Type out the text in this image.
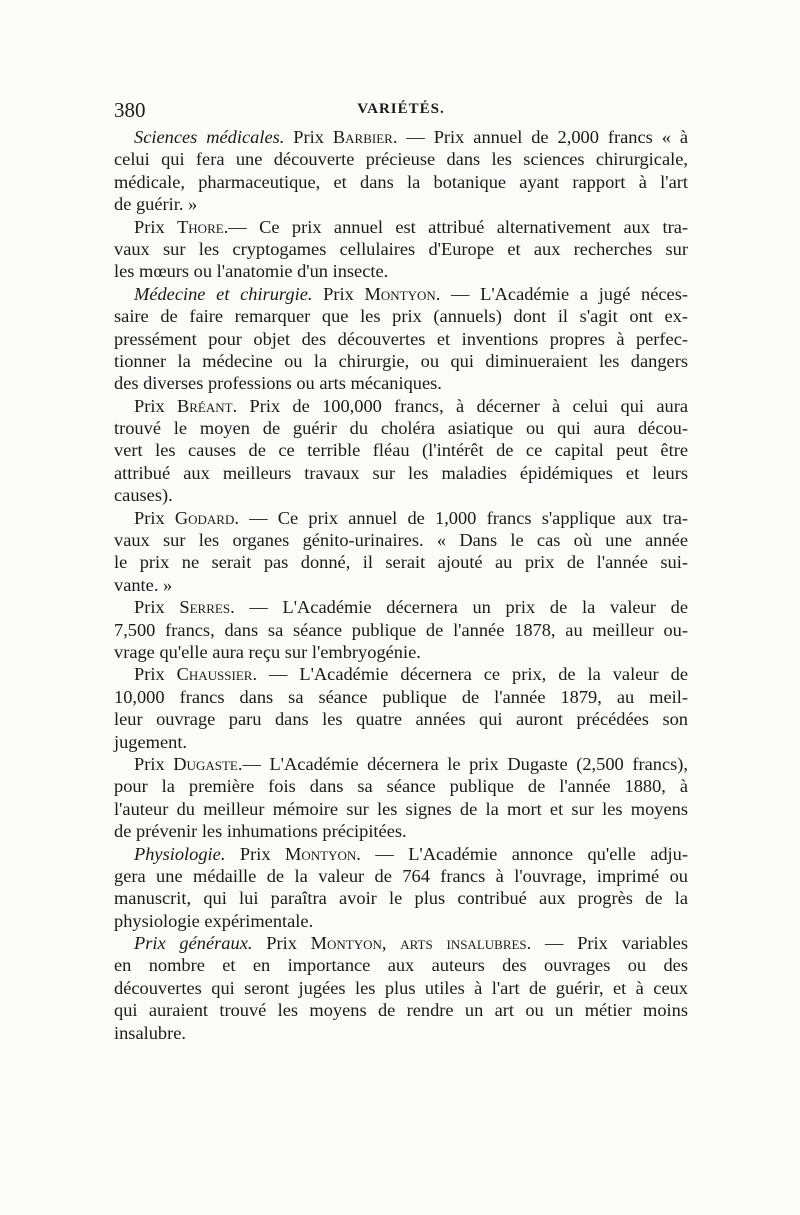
380	VARIÉTÉS.
Sciences médicales. Prix Barbier. — Prix annuel de 2,000 francs « à
celui qui fera une découverte précieuse dans les sciences chirurgicale,
médicale, pharmaceutique, et dans la botanique ayant rapport à l'art
de guérir. »
Prix Thore.— Ce prix annuel est attribué alternativement aux tra-
vaux sur les cryptogames cellulaires d'Europe et aux recherches sur
les mœurs ou l'anatomie d'un insecte.
Médecine et chirurgie. Prix Montyon. — L'Académie a jugé néces-
saire de faire remarquer que les prix (annuels) dont il s'agit ont ex-
pressément pour objet des découvertes et inventions propres à perfec-
tionner la médecine ou la chirurgie, ou qui diminueraient les dangers
des diverses professions ou arts mécaniques.
Prix Bréant. Prix de 100,000 francs, à décerner à celui qui aura
trouvé le moyen de guérir du choléra asiatique ou qui aura décou-
vert les causes de ce terrible fléau (l'intérêt de ce capital peut être
attribué aux meilleurs travaux sur les maladies épidémiques et leurs
causes).
Prix Godard. — Ce prix annuel de 1,000 francs s'applique aux tra-
vaux sur les organes génito-urinaires. « Dans le cas où une année
le prix ne serait pas donné, il serait ajouté au prix de l'année sui-
vante. »
Prix Serres. — L'Académie décernera un prix de la valeur de
7,500 francs, dans sa séance publique de l'année 1878, au meilleur ou-
vrage qu'elle aura reçu sur l'embryogénie.
Prix Chaussier. — L'Académie décernera ce prix, de la valeur de
10,000 francs dans sa séance publique de l'année 1879, au meil-
leur ouvrage paru dans les quatre années qui auront précédées son
jugement.
Prix Dugaste.— L'Académie décernera le prix Dugaste (2,500 francs),
pour la première fois dans sa séance publique de l'année 1880, à
l'auteur du meilleur mémoire sur les signes de la mort et sur les moyens
de prévenir les inhumations précipitées.
Physiologie. Prix Montyon. — L'Académie annonce qu'elle adju-
gera une médaille de la valeur de 764 francs à l'ouvrage, imprimé ou
manuscrit, qui lui paraîtra avoir le plus contribué aux progrès de la
physiologie expérimentale.
Prix généraux. Prix Montyon, arts insalubres. — Prix variables
en nombre et en importance aux auteurs des ouvrages ou des
découvertes qui seront jugées les plus utiles à l'art de guérir, et à ceux
qui auraient trouvé les moyens de rendre un art ou un métier moins
insalubre.
